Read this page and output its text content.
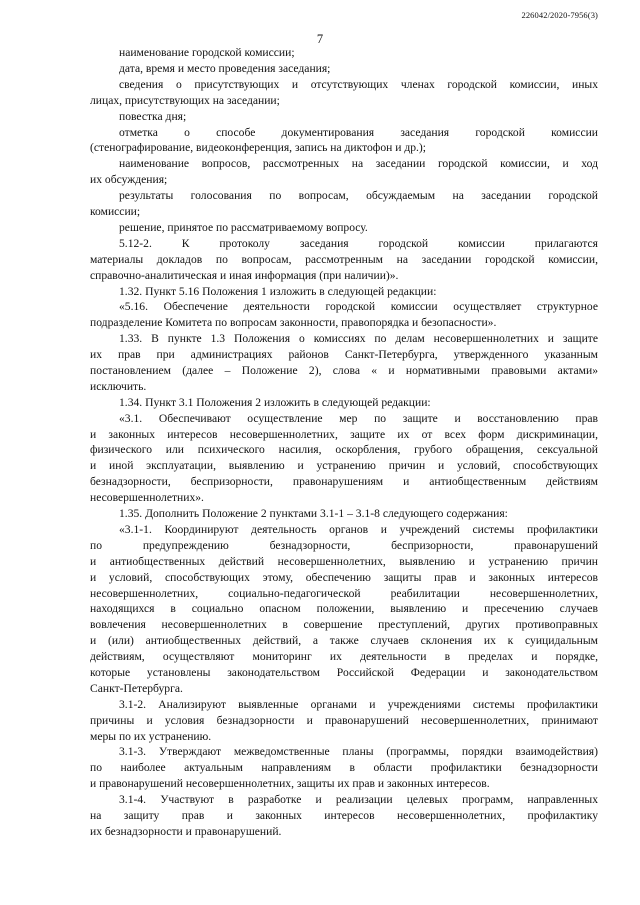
226042/2020-7956(3)
7
наименование городской комиссии;
дата, время и место проведения заседания;
сведения о присутствующих и отсутствующих членах городской комиссии, иных
лицах, присутствующих на заседании;
повестка дня;
отметка о способе документирования заседания городской комиссии
(стенографирование, видеоконференция, запись на диктофон и др.);
наименование вопросов, рассмотренных на заседании городской комиссии, и ход
их обсуждения;
результаты голосования по вопросам, обсуждаемым на заседании городской
комиссии;
решение, принятое по рассматриваемому вопросу.
5.12-2. К протоколу заседания городской комиссии прилагаются
материалы докладов по вопросам, рассмотренным на заседании городской комиссии,
справочно-аналитическая и иная информация (при наличии)».
1.32. Пункт 5.16 Положения 1 изложить в следующей редакции:
«5.16. Обеспечение деятельности городской комиссии осуществляет структурное
подразделение Комитета по вопросам законности, правопорядка и безопасности».
1.33. В пункте 1.3 Положения о комиссиях по делам несовершеннолетних и защите
их прав при администрациях районов Санкт-Петербурга, утвержденного указанным
постановлением (далее – Положение 2), слова « и нормативными правовыми актами»
исключить.
1.34. Пункт 3.1 Положения 2 изложить в следующей редакции:
«3.1. Обеспечивают осуществление мер по защите и восстановлению прав
и законных интересов несовершеннолетних, защите их от всех форм дискриминации,
физического или психического насилия, оскорбления, грубого обращения, сексуальной
и иной эксплуатации, выявлению и устранению причин и условий, способствующих
безнадзорности, беспризорности, правонарушениям и антиобщественным действиям
несовершеннолетних».
1.35. Дополнить Положение 2 пунктами 3.1-1 – 3.1-8 следующего содержания:
«3.1-1. Координируют деятельность органов и учреждений системы профилактики
по предупреждению безнадзорности, беспризорности, правонарушений
и антиобщественных действий несовершеннолетних, выявлению и устранению причин
и условий, способствующих этому, обеспечению защиты прав и законных интересов
несовершеннолетних, социально-педагогической реабилитации несовершеннолетних,
находящихся в социально опасном положении, выявлению и пресечению случаев
вовлечения несовершеннолетних в совершение преступлений, других противоправных
и (или) антиобщественных действий, а также случаев склонения их к суицидальным
действиям, осуществляют мониторинг их деятельности в пределах и порядке,
которые установлены законодательством Российской Федерации и законодательством
Санкт-Петербурга.
3.1-2. Анализируют выявленные органами и учреждениями системы профилактики
причины и условия безнадзорности и правонарушений несовершеннолетних, принимают
меры по их устранению.
3.1-3. Утверждают межведомственные планы (программы, порядки взаимодействия)
по наиболее актуальным направлениям в области профилактики безнадзорности
и правонарушений несовершеннолетних, защиты их прав и законных интересов.
3.1-4. Участвуют в разработке и реализации целевых программ, направленных
на защиту прав и законных интересов несовершеннолетних, профилактику
их безнадзорности и правонарушений.
